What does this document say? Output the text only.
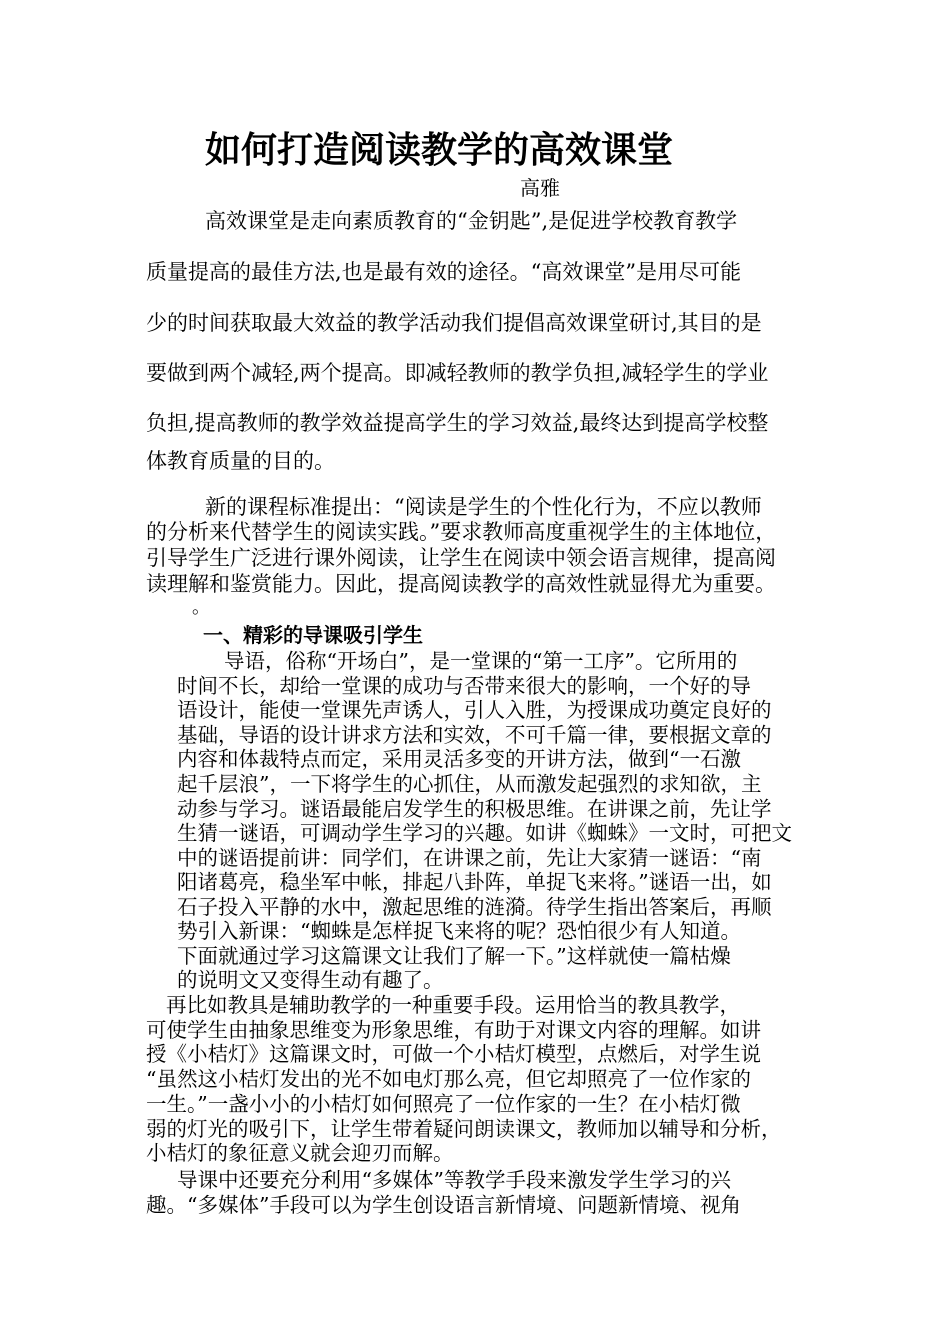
如何打造阅读教学的高效课堂
高雅
高效课堂是走向素质教育的“金钥匙”,是促进学校教育教学
质量提高的最佳方法,也是最有效的途径。“高效课堂”是用尽可能
少的时间获取最大效益的教学活动我们提倡高效课堂研讨,其目的是
要做到两个减轻,两个提高。即减轻教师的教学负担,减轻学生的学业
负担,提高教师的教学效益提高学生的学习效益,最终达到提高学校整
体教育质量的目的。
新的课程标准提出：“阅读是学生的个性化行为，不应以教师
的分析来代替学生的阅读实践。”要求教师高度重视学生的主体地位，
引导学生广泛进行课外阅读，让学生在阅读中领会语言规律，提高阅
读理解和鉴赏能力。因此，提高阅读教学的高效性就显得尤为重要。
。
一、精彩的导课吸引学生
导语，俗称“开场白”，是一堂课的“第一工序”。它所用的
时间不长，却给一堂课的成功与否带来很大的影响，一个好的导
语设计，能使一堂课先声诱人，引人入胜，为授课成功奠定良好的
基础，导语的设计讲求方法和实效，不可千篇一律，要根据文章的
内容和体裁特点而定，采用灵活多变的开讲方法，做到“一石激
起千层浪”，一下将学生的心抓住，从而激发起强烈的求知欲，主
动参与学习。谜语最能启发学生的积极思维。在讲课之前，先让学
生猜一谜语，可调动学生学习的兴趣。如讲《蜘蛛》一文时，可把文
中的谜语提前讲：同学们，在讲课之前，先让大家猜一谜语：“南
阳诸葛亮，稳坐军中帐，排起八卦阵，单捉飞来将。”谜语一出，如
石子投入平静的水中，激起思维的涟漪。待学生指出答案后，再顺
势引入新课：“蜘蛛是怎样捉飞来将的呢？恐怕很少有人知道。
下面就通过学习这篇课文让我们了解一下。”这样就使一篇枯燥
的说明文又变得生动有趣了。
再比如教具是辅助教学的一种重要手段。运用恰当的教具教学，
可使学生由抽象思维变为形象思维，有助于对课文内容的理解。如讲
授《小桔灯》这篇课文时，可做一个小桔灯模型，点燃后，对学生说
“虽然这小桔灯发出的光不如电灯那么亮，但它却照亮了一位作家的
一生。”一盏小小的小桔灯如何照亮了一位作家的一生？在小桔灯微
弱的灯光的吸引下，让学生带着疑问朗读课文，教师加以辅导和分析，
小桔灯的象征意义就会迎刃而解。
导课中还要充分利用“多媒体”等教学手段来激发学生学习的兴
趣。“多媒体”手段可以为学生创设语言新情境、问题新情境、视角
